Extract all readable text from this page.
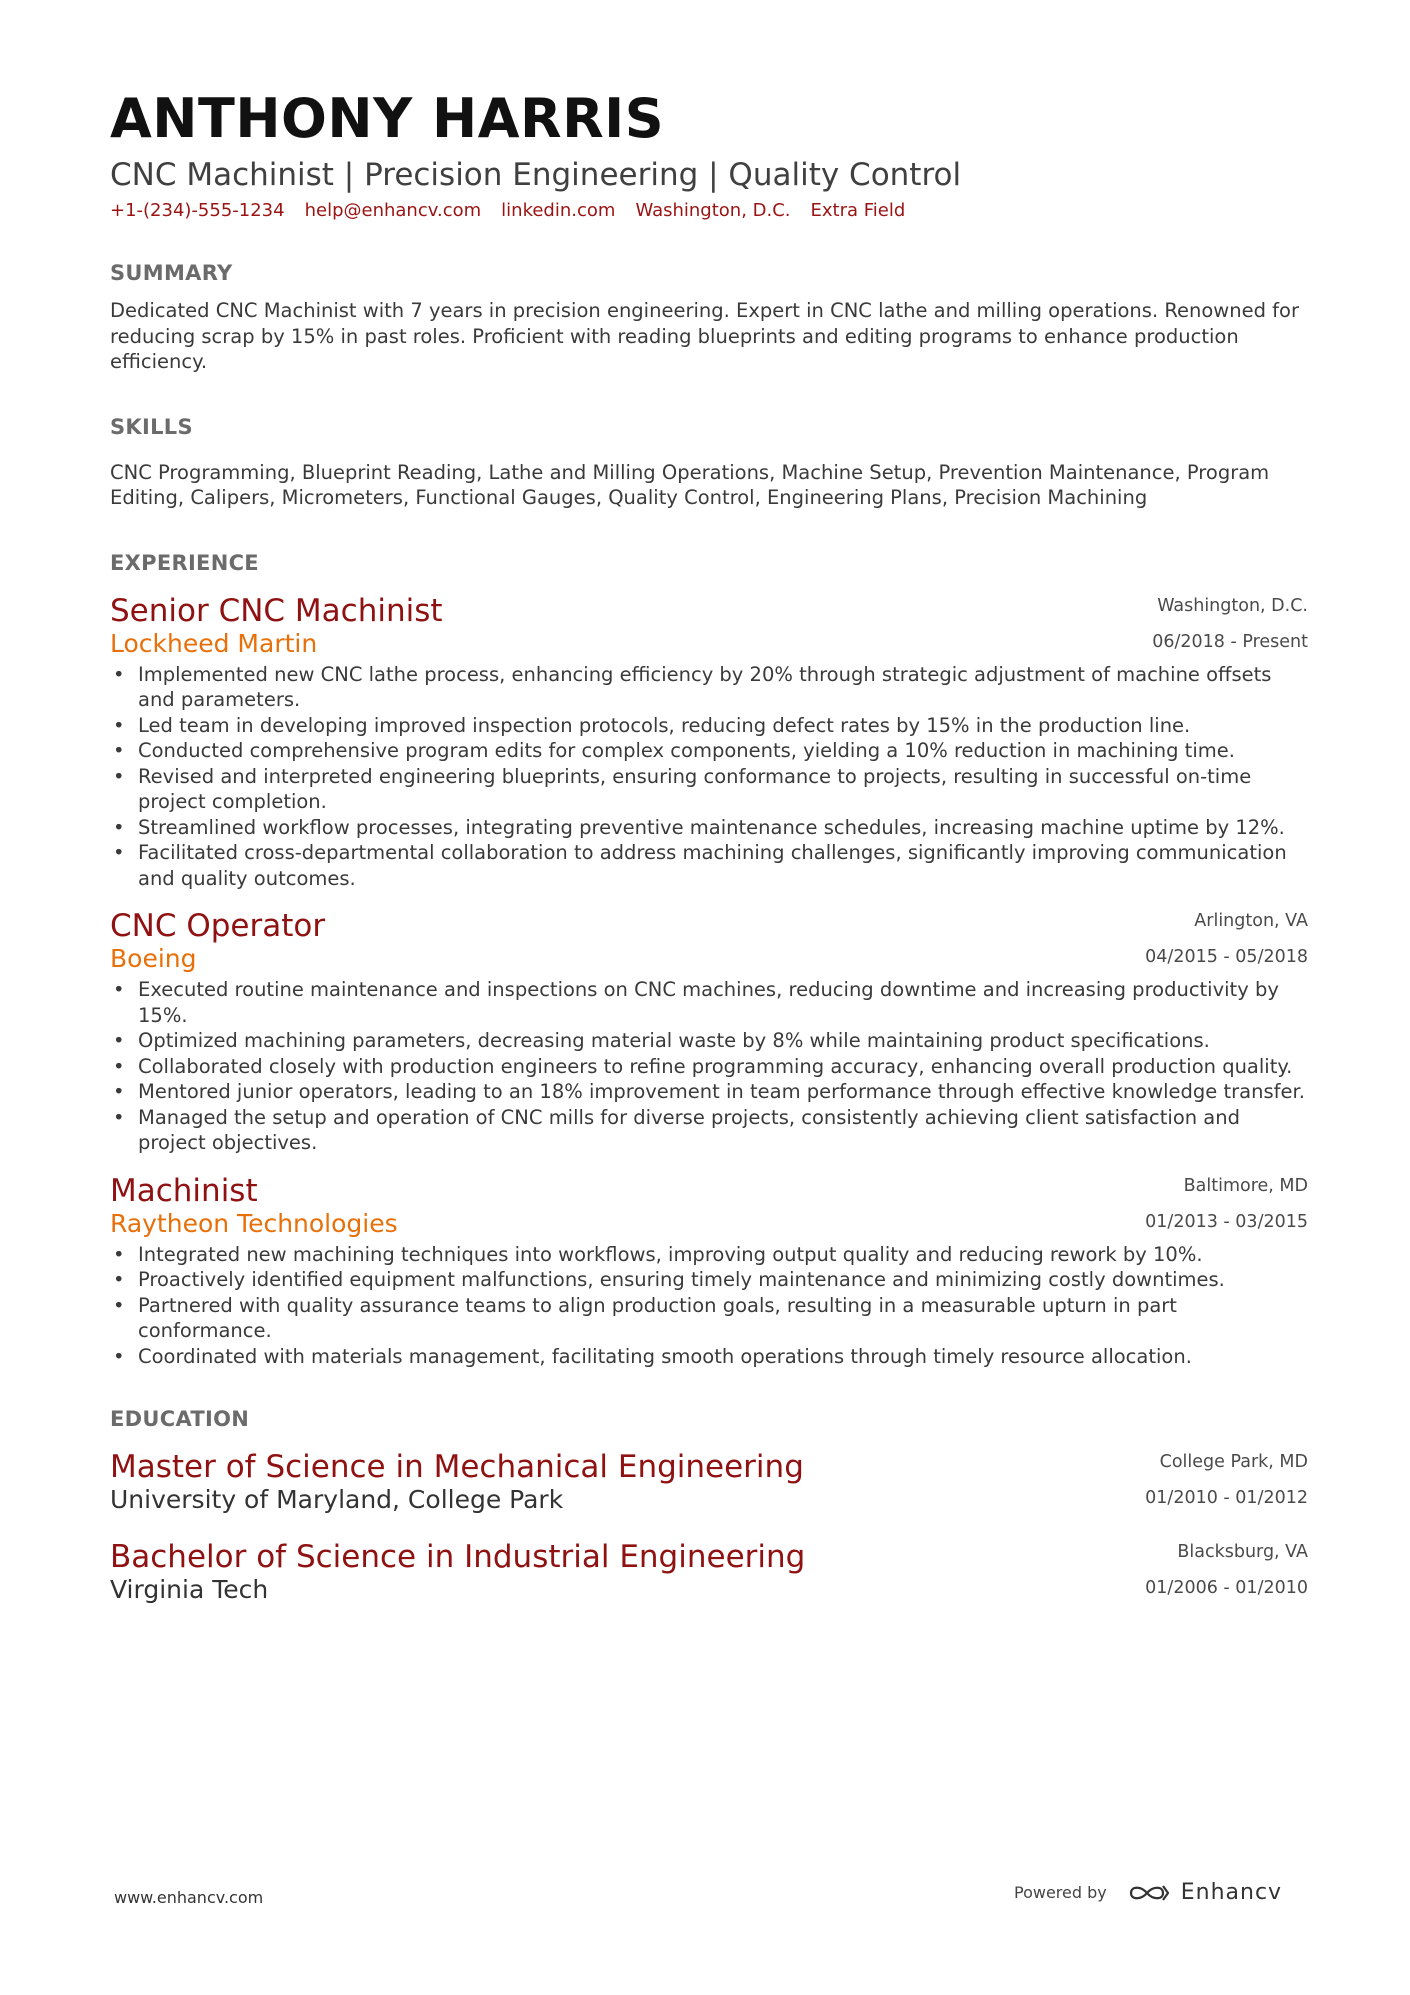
ANTHONY HARRIS
CNC Machinist | Precision Engineering | Quality Control
+1-(234)-555-1234 help@enhancv.com linkedin.com Washington, D.C. Extra Field
SUMMARY
Dedicated CNC Machinist with 7 years in precision engineering. Expert in CNC lathe and milling operations. Renowned for reducing scrap by 15% in past roles. Proficient with reading blueprints and editing programs to enhance production efficiency.
SKILLS
CNC Programming, Blueprint Reading, Lathe and Milling Operations, Machine Setup, Prevention Maintenance, Program Editing, Calipers, Micrometers, Functional Gauges, Quality Control, Engineering Plans, Precision Machining
EXPERIENCE
Senior CNC Machinist
Lockheed Martin
Washington, D.C.
06/2018 - Present
• Implemented new CNC lathe process, enhancing efficiency by 20% through strategic adjustment of machine offsets and parameters.
• Led team in developing improved inspection protocols, reducing defect rates by 15% in the production line.
• Conducted comprehensive program edits for complex components, yielding a 10% reduction in machining time.
• Revised and interpreted engineering blueprints, ensuring conformance to projects, resulting in successful on-time project completion.
• Streamlined workflow processes, integrating preventive maintenance schedules, increasing machine uptime by 12%.
• Facilitated cross-departmental collaboration to address machining challenges, significantly improving communication and quality outcomes.
CNC Operator
Boeing
Arlington, VA
04/2015 - 05/2018
• Executed routine maintenance and inspections on CNC machines, reducing downtime and increasing productivity by 15%.
• Optimized machining parameters, decreasing material waste by 8% while maintaining product specifications.
• Collaborated closely with production engineers to refine programming accuracy, enhancing overall production quality.
• Mentored junior operators, leading to an 18% improvement in team performance through effective knowledge transfer.
• Managed the setup and operation of CNC mills for diverse projects, consistently achieving client satisfaction and project objectives.
Machinist
Raytheon Technologies
Baltimore, MD
01/2013 - 03/2015
• Integrated new machining techniques into workflows, improving output quality and reducing rework by 10%.
• Proactively identified equipment malfunctions, ensuring timely maintenance and minimizing costly downtimes.
• Partnered with quality assurance teams to align production goals, resulting in a measurable upturn in part conformance.
• Coordinated with materials management, facilitating smooth operations through timely resource allocation.
EDUCATION
Master of Science in Mechanical Engineering
University of Maryland, College Park
College Park, MD
01/2010 - 01/2012
Bachelor of Science in Industrial Engineering
Virginia Tech
Blacksburg, VA
01/2006 - 01/2010
www.enhancv.com	Powered by	Enhancv
